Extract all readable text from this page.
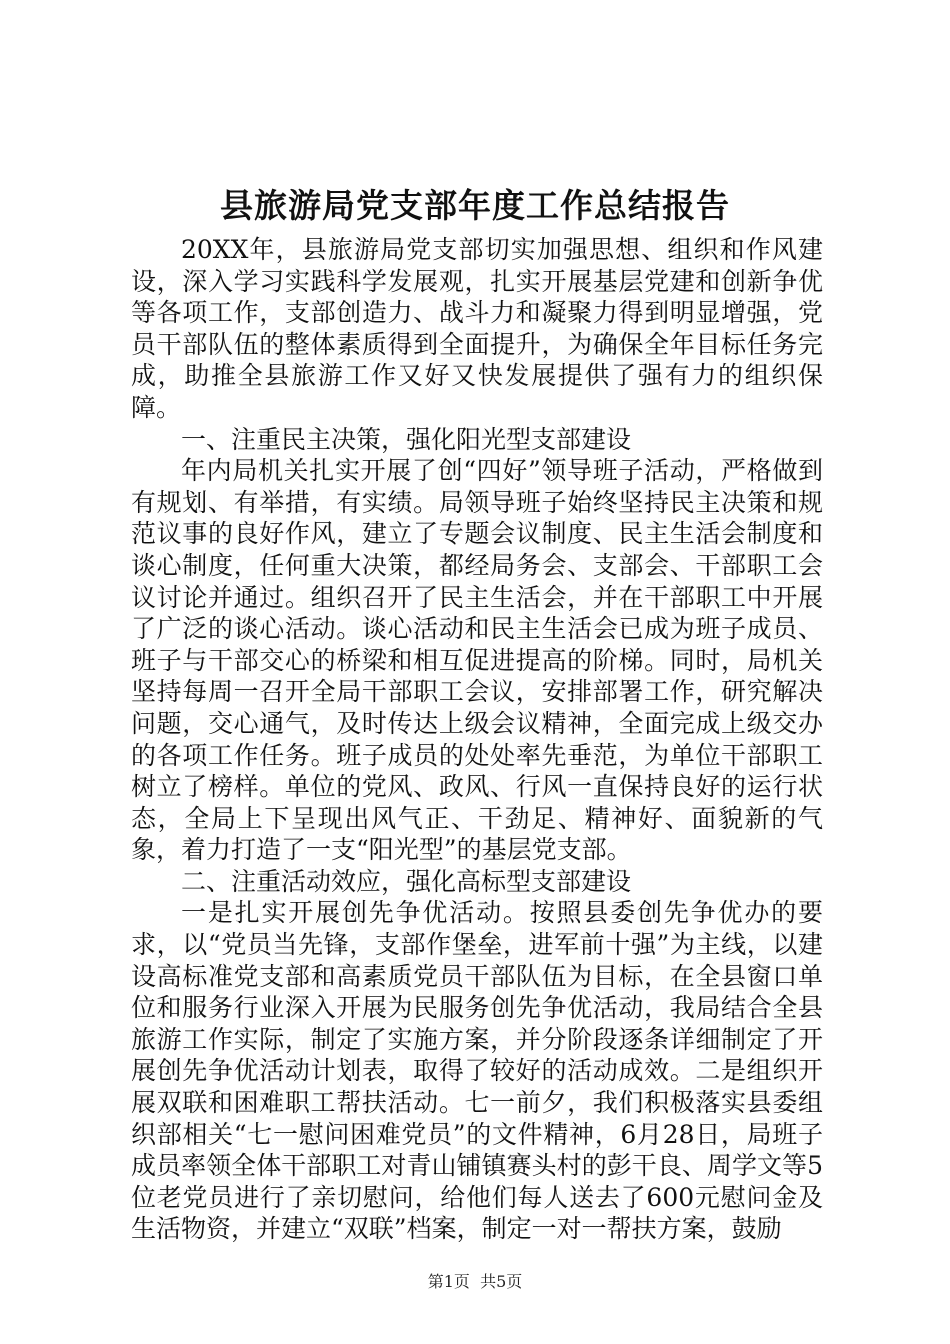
县旅游局党支部年度工作总结报告

20XX年，县旅游局党支部切实加强思想、组织和作风建设，深入学习实践科学发展观，扎实开展基层党建和创新争优等各项工作，支部创造力、战斗力和凝聚力得到明显增强，党员干部队伍的整体素质得到全面提升，为确保全年目标任务完成，助推全县旅游工作又好又快发展提供了强有力的组织保障。

一、注重民主决策，强化阳光型支部建设

年内局机关扎实开展了创“四好”领导班子活动，严格做到有规划、有举措，有实绩。局领导班子始终坚持民主决策和规范议事的良好作风，建立了专题会议制度、民主生活会制度和谈心制度，任何重大决策，都经局务会、支部会、干部职工会议讨论并通过。组织召开了民主生活会，并在干部职工中开展了广泛的谈心活动。谈心活动和民主生活会已成为班子成员、班子与干部交心的桥梁和相互促进提高的阶梯。同时，局机关坚持每周一召开全局干部职工会议，安排部署工作，研究解决问题，交心通气，及时传达上级会议精神，全面完成上级交办的各项工作任务。班子成员的处处率先垂范，为单位干部职工树立了榜样。单位的党风、政风、行风一直保持良好的运行状态，全局上下呈现出风气正、干劲足、精神好、面貌新的气象，着力打造了一支“阳光型”的基层党支部。

二、注重活动效应，强化高标型支部建设

一是扎实开展创先争优活动。按照县委创先争优办的要求，以“党员当先锋，支部作堡垒，进军前十强”为主线，以建设高标准党支部和高素质党员干部队伍为目标，在全县窗口单位和服务行业深入开展为民服务创先争优活动，我局结合全县旅游工作实际，制定了实施方案，并分阶段逐条详细制定了开展创先争优活动计划表，取得了较好的活动成效。二是组织开展双联和困难职工帮扶活动。七一前夕，我们积极落实县委组织部相关“七一慰问困难党员”的文件精神，6月28日，局班子成员率领全体干部职工对青山铺镇赛头村的彭干良、周学文等5位老党员进行了亲切慰问，给他们每人送去了600元慰问金及生活物资，并建立“双联”档案，制定一对一帮扶方案，鼓励

第1页 共5页
